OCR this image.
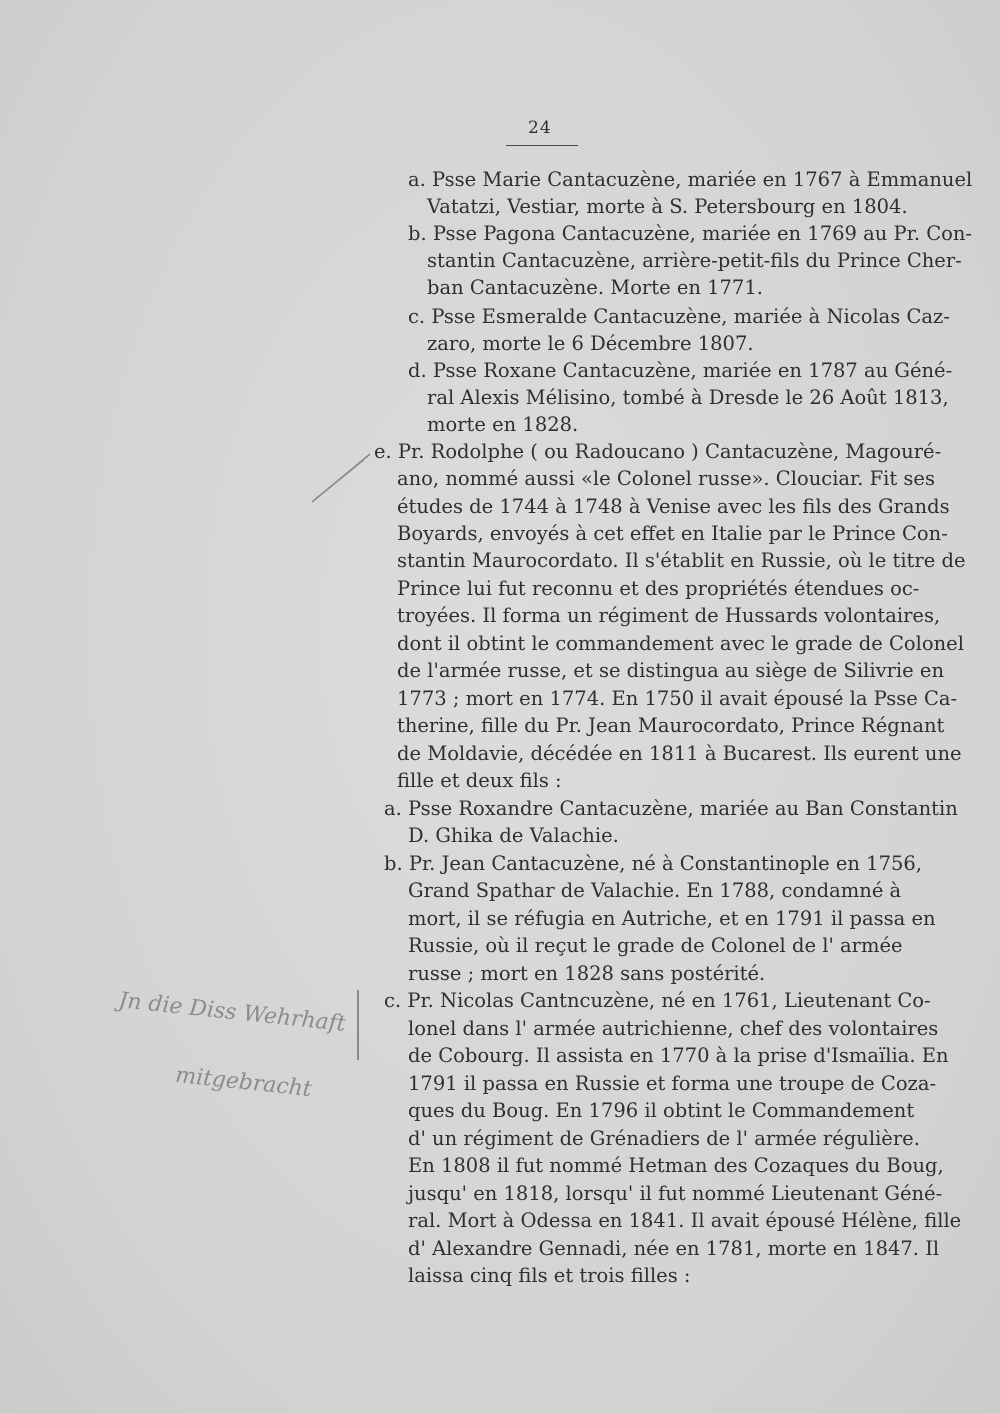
24
a. Psse Marie Cantacuzène, mariée en 1767 à Emmanuel
Vatatzi, Vestiar, morte à S. Petersbourg en 1804.
b. Psse Pagona Cantacuzène, mariée en 1769 au Pr. Con-
stantin Cantacuzène, arrière-petit-fils du Prince Cher-
ban Cantacuzène. Morte en 1771.
c. Psse Esmeralde Cantacuzène, mariée à Nicolas Caz-
zaro, morte le 6 Décembre 1807.
d. Psse Roxane Cantacuzène, mariée en 1787 au Géné-
ral Alexis Mélisino, tombé à Dresde le 26 Août 1813,
morte en 1828.
e. Pr. Rodolphe ( ou Radoucano ) Cantacuzène, Magouré-
ano, nommé aussi «le Colonel russe». Clouciar. Fit ses
études de 1744 à 1748 à Venise avec les fils des Grands
Boyards, envoyés à cet effet en Italie par le Prince Con-
stantin Maurocordato. Il s'établit en Russie, où le titre de
Prince lui fut reconnu et des propriétés étendues oc-
troyées. Il forma un régiment de Hussards volontaires,
dont il obtint le commandement avec le grade de Colonel
de l'armée russe, et se distingua au siège de Silivrie en
1773 ; mort en 1774. En 1750 il avait épousé la Psse Ca-
therine, fille du Pr. Jean Maurocordato, Prince Régnant
de Moldavie, décédée en 1811 à Bucarest. Ils eurent une
fille et deux fils :
a. Psse Roxandre Cantacuzène, mariée au Ban Constantin
D. Ghika de Valachie.
b. Pr. Jean Cantacuzène, né à Constantinople en 1756,
Grand Spathar de Valachie. En 1788, condamné à
mort, il se réfugia en Autriche, et en 1791 il passa en
Russie, où il reçut le grade de Colonel de l' armée
russe ; mort en 1828 sans postérité.
c. Pr. Nicolas Cantncuzène, né en 1761, Lieutenant Co-
lonel dans l' armée autrichienne, chef des volontaires
de Cobourg. Il assista en 1770 à la prise d'Ismaïlia. En
1791 il passa en Russie et forma une troupe de Coza-
ques du Boug. En 1796 il obtint le Commandement
d' un régiment de Grénadiers de l' armée régulière.
En 1808 il fut nommé Hetman des Cozaques du Boug,
jusqu' en 1818, lorsqu' il fut nommé Lieutenant Géné-
ral. Mort à Odessa en 1841. Il avait épousé Hélène, fille
d' Alexandre Gennadi, née en 1781, morte en 1847. Il
laissa cinq fils et trois filles :
Jn die Diss Wehrhaft
mitgebracht
